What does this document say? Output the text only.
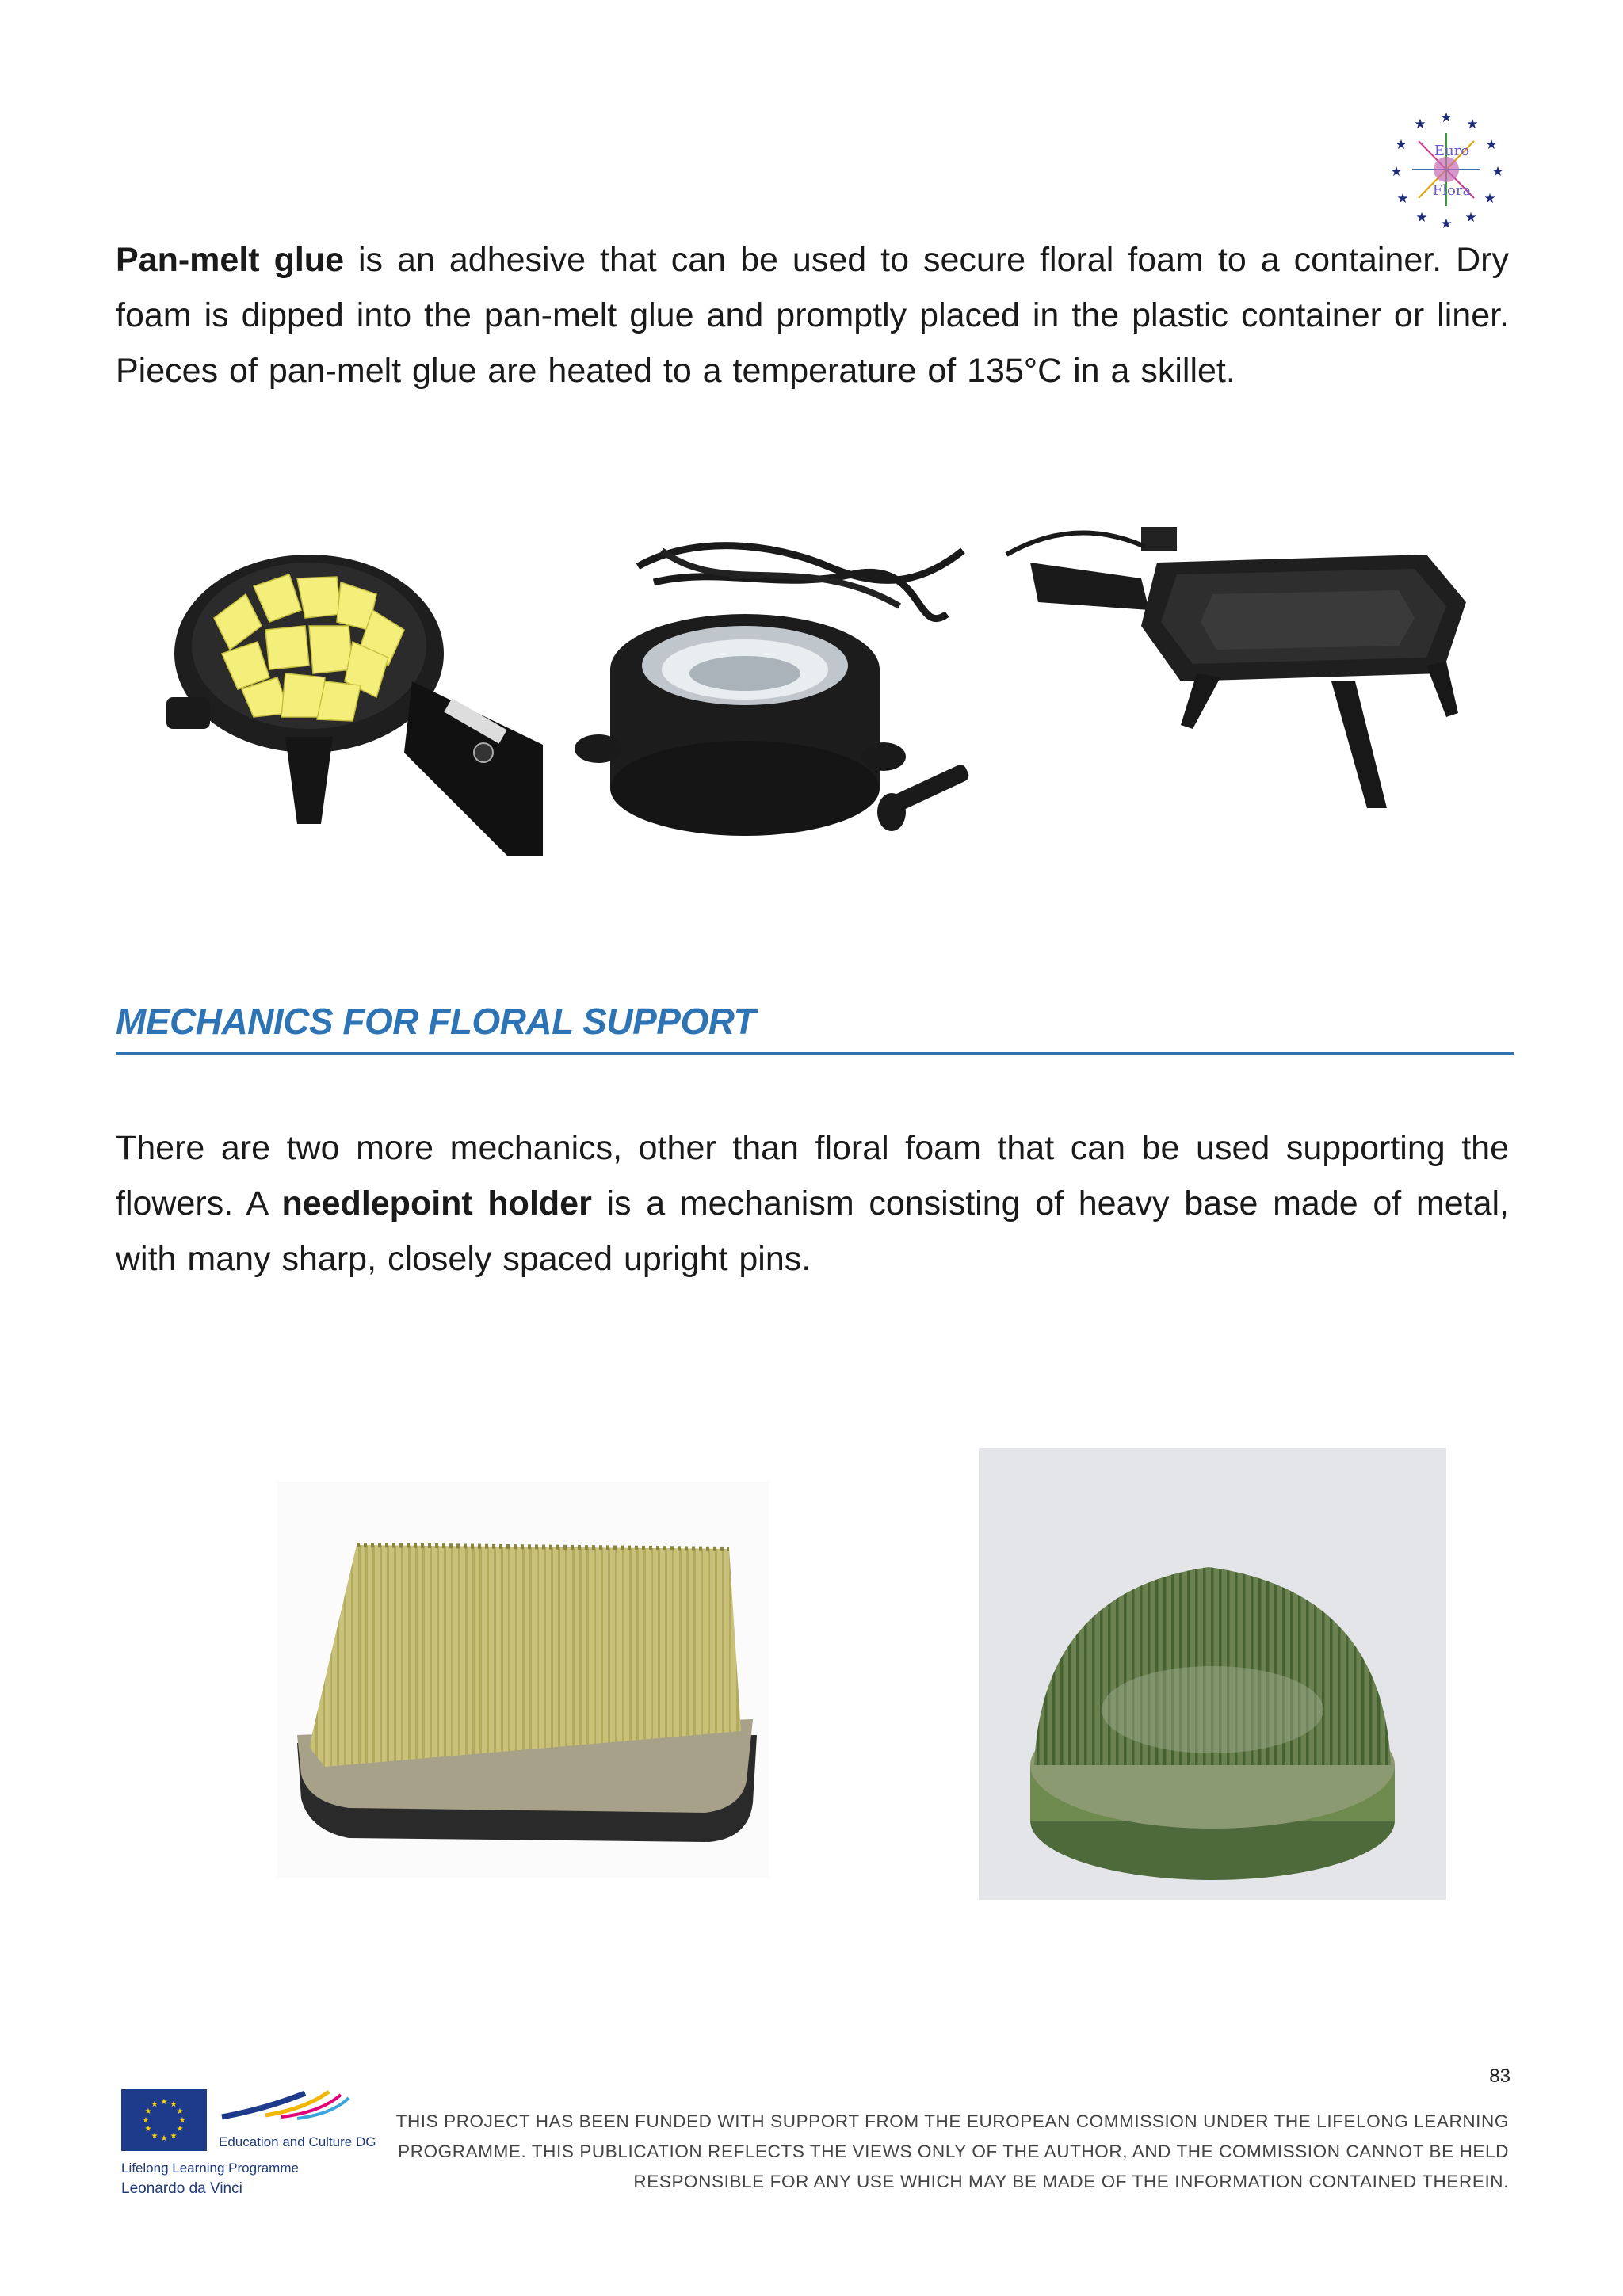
★ ★
★
★
★
★
★
★
★
★
★
★
Euro
Flora
Pan-melt glue is an adhesive that can be used to secure floral foam to a container. Dry foam is dipped into the pan-melt glue and promptly placed in the plastic container or liner. Pieces of pan-melt glue are heated to a temperature of 135°C in a skillet.
MECHANICS FOR FLORAL SUPPORT
There are two more mechanics, other than floral foam that can be used supporting the flowers. A needlepoint holder is a mechanism consisting of heavy base made of metal, with many sharp, closely spaced upright pins.
83
★ ★
★
★
★
★
★
★
★
★
★
★
Education and Culture DG
Lifelong Learning Programme
Leonardo da Vinci
THIS PROJECT HAS BEEN FUNDED WITH SUPPORT FROM THE EUROPEAN COMMISSION UNDER THE LIFELONG LEARNING
PROGRAMME. THIS PUBLICATION REFLECTS THE VIEWS ONLY OF THE AUTHOR, AND THE COMMISSION CANNOT BE HELD
RESPONSIBLE FOR ANY USE WHICH MAY BE MADE OF THE INFORMATION CONTAINED THEREIN.
